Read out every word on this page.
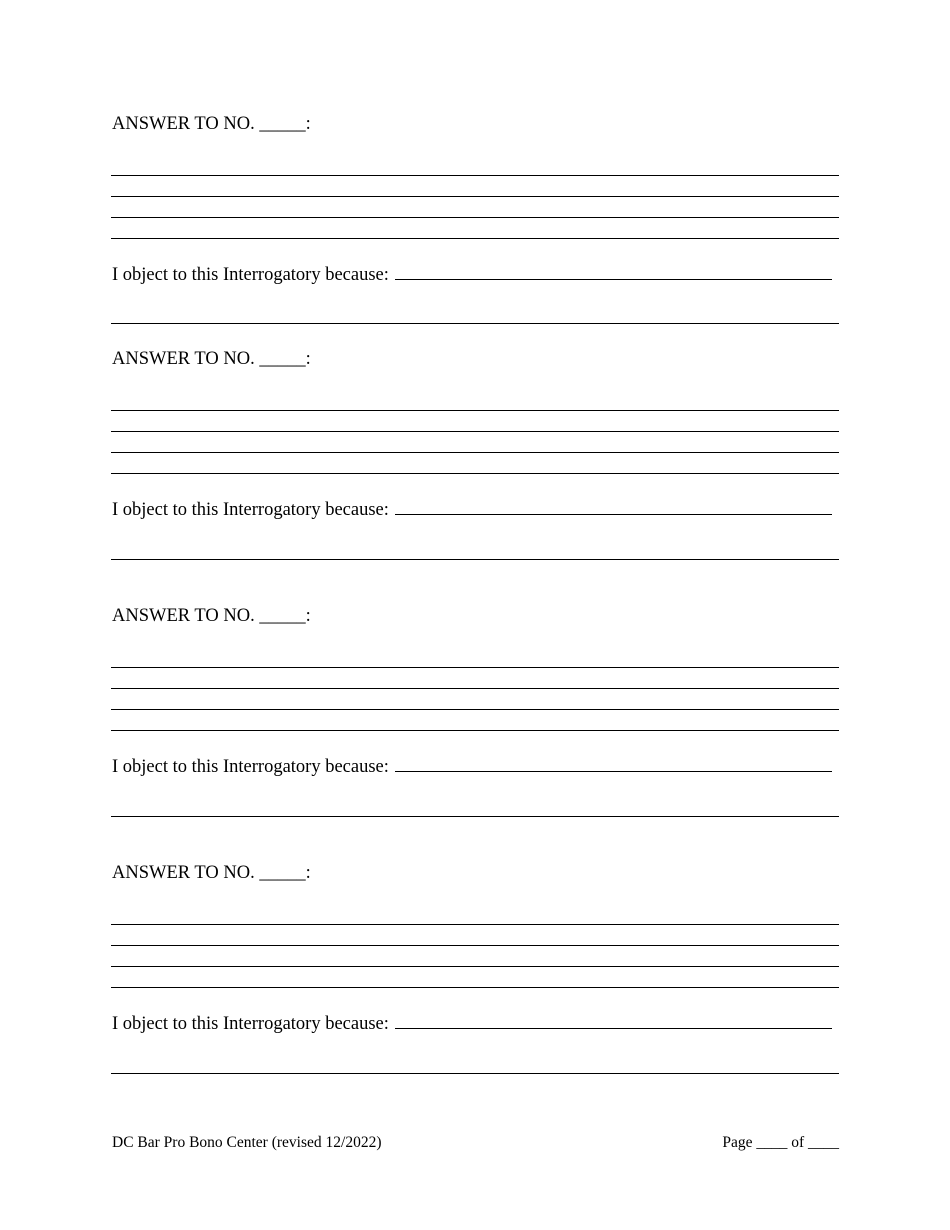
ANSWER TO NO. _____:
I object to this Interrogatory because:
ANSWER TO NO. _____:
I object to this Interrogatory because:
ANSWER TO NO. _____:
I object to this Interrogatory because:
ANSWER TO NO. _____:
I object to this Interrogatory because:
DC Bar Pro Bono Center (revised 12/2022)	Page ____ of ____
